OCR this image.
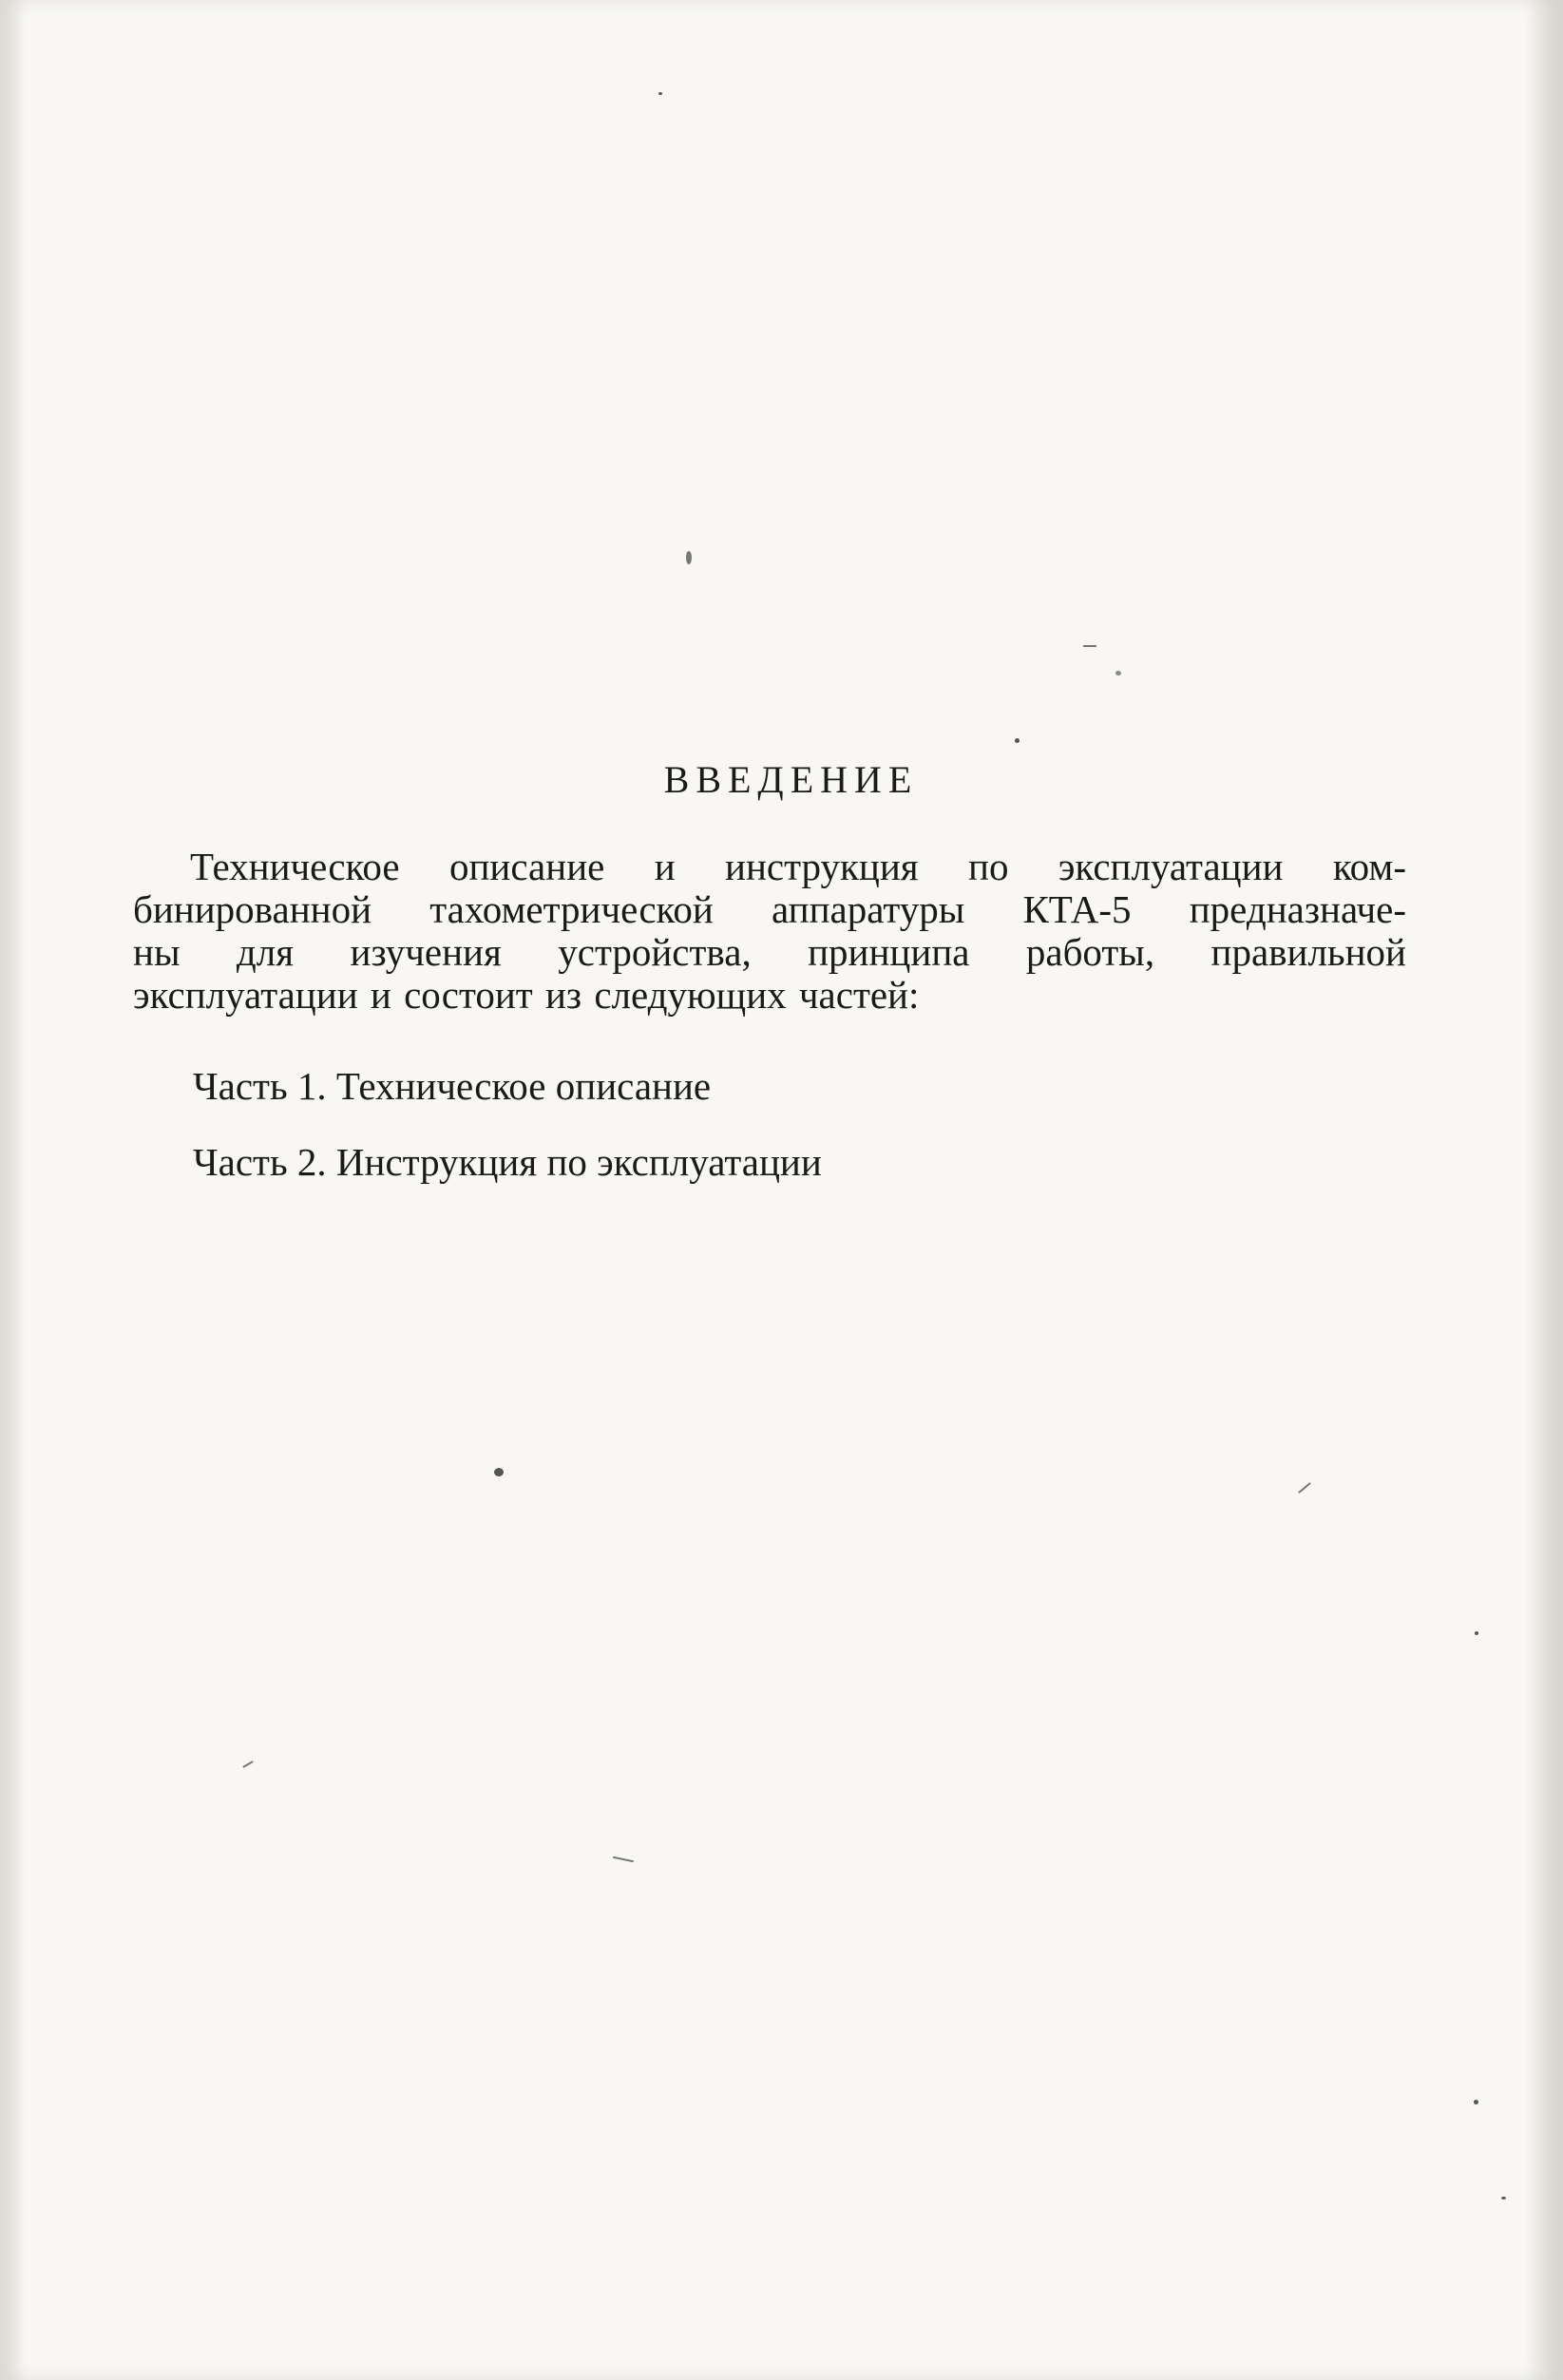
ВВЕДЕНИЕ
Техническое описание и инструкция по эксплуатации ком-
бинированной тахометрической аппаратуры КТА-5 предназначе-
ны для изучения устройства, принципа работы, правильной
эксплуатации и состоит из следующих частей:
Часть 1. Техническое описание
Часть 2. Инструкция по эксплуатации
